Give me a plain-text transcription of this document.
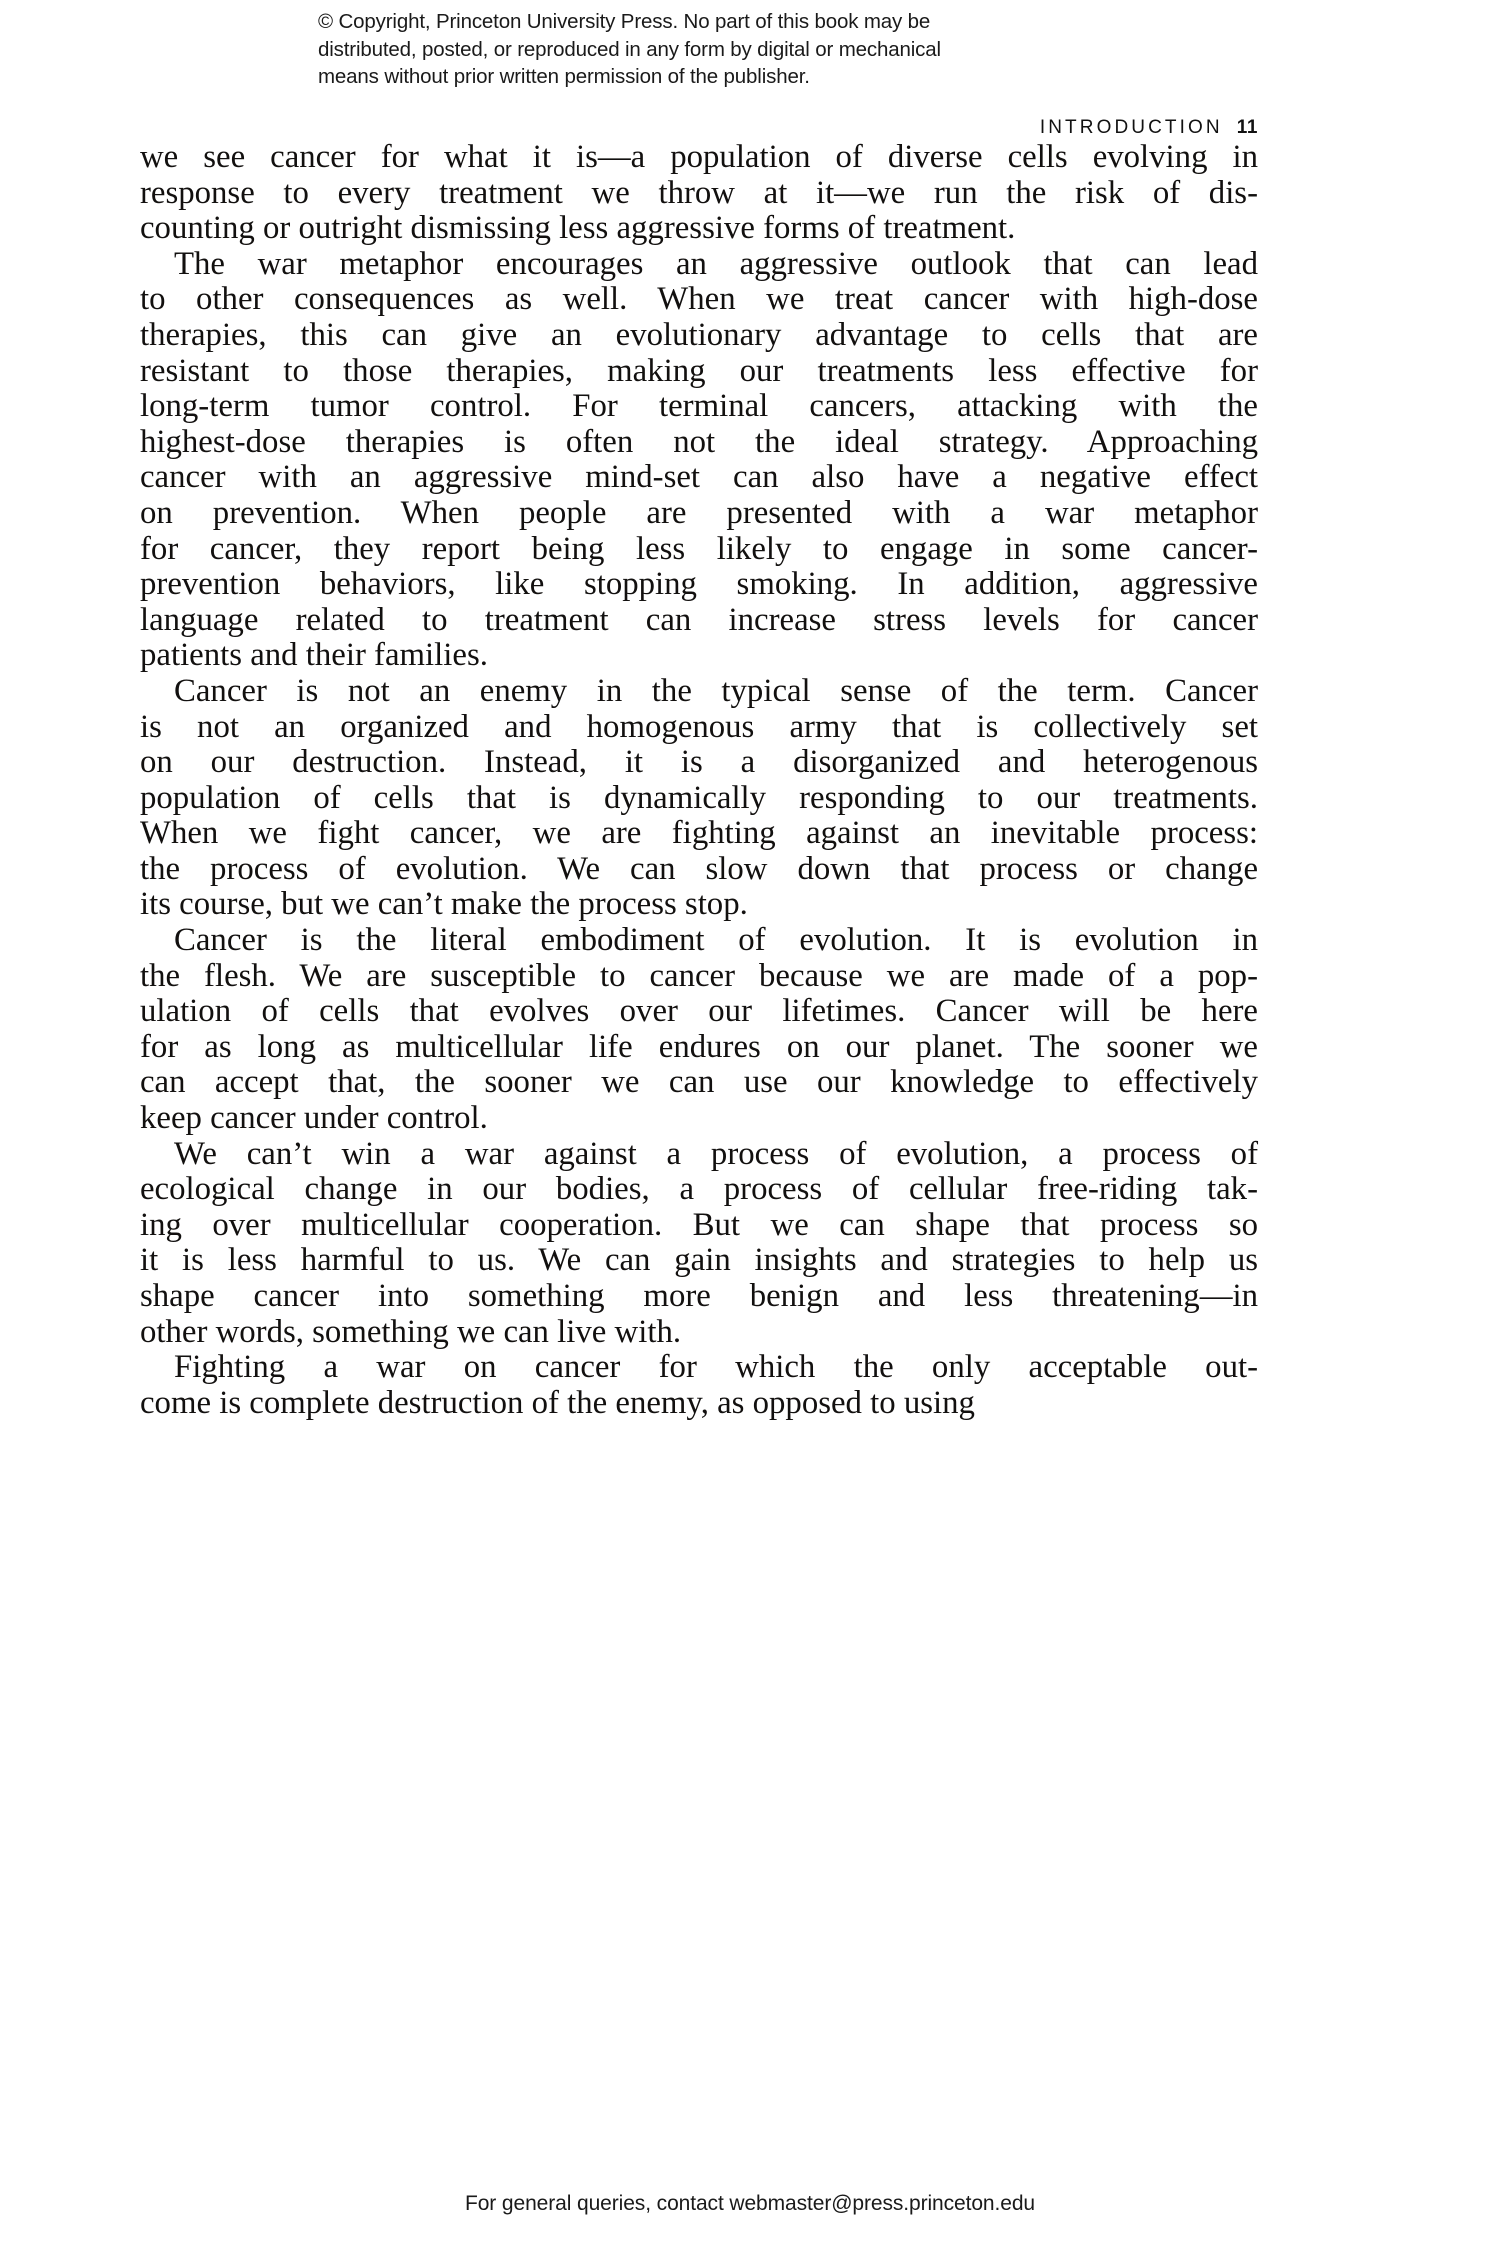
© Copyright, Princeton University Press. No part of this book may be
distributed, posted, or reproduced in any form by digital or mechanical
means without prior written permission of the publisher.
INTRODUCTION 11

we see cancer for what it is—a population of diverse cells evolving in
response to every treatment we throw at it—we run the risk of dis-
counting or outright dismissing less aggressive forms of treatment.

The war metaphor encourages an aggressive outlook that can lead
to other consequences as well. When we treat cancer with high-dose
therapies, this can give an evolutionary advantage to cells that are
resistant to those therapies, making our treatments less effective for
long-term tumor control. For terminal cancers, attacking with the
highest-dose therapies is often not the ideal strategy. Approaching
cancer with an aggressive mind-set can also have a negative effect
on prevention. When people are presented with a war metaphor
for cancer, they report being less likely to engage in some cancer-
prevention behaviors, like stopping smoking. In addition, aggressive
language related to treatment can increase stress levels for cancer
patients and their families.

Cancer is not an enemy in the typical sense of the term. Cancer
is not an organized and homogenous army that is collectively set
on our destruction. Instead, it is a disorganized and heterogenous
population of cells that is dynamically responding to our treatments.
When we fight cancer, we are fighting against an inevitable process:
the process of evolution. We can slow down that process or change
its course, but we can’t make the process stop.

Cancer is the literal embodiment of evolution. It is evolution in
the flesh. We are susceptible to cancer because we are made of a pop-
ulation of cells that evolves over our lifetimes. Cancer will be here
for as long as multicellular life endures on our planet. The sooner we
can accept that, the sooner we can use our knowledge to effectively
keep cancer under control.

We can’t win a war against a process of evolution, a process of
ecological change in our bodies, a process of cellular free-riding tak-
ing over multicellular cooperation. But we can shape that process so
it is less harmful to us. We can gain insights and strategies to help us
shape cancer into something more benign and less threatening—in
other words, something we can live with.

Fighting a war on cancer for which the only acceptable out-
come is complete destruction of the enemy, as opposed to using

For general queries, contact webmaster@press.princeton.edu
